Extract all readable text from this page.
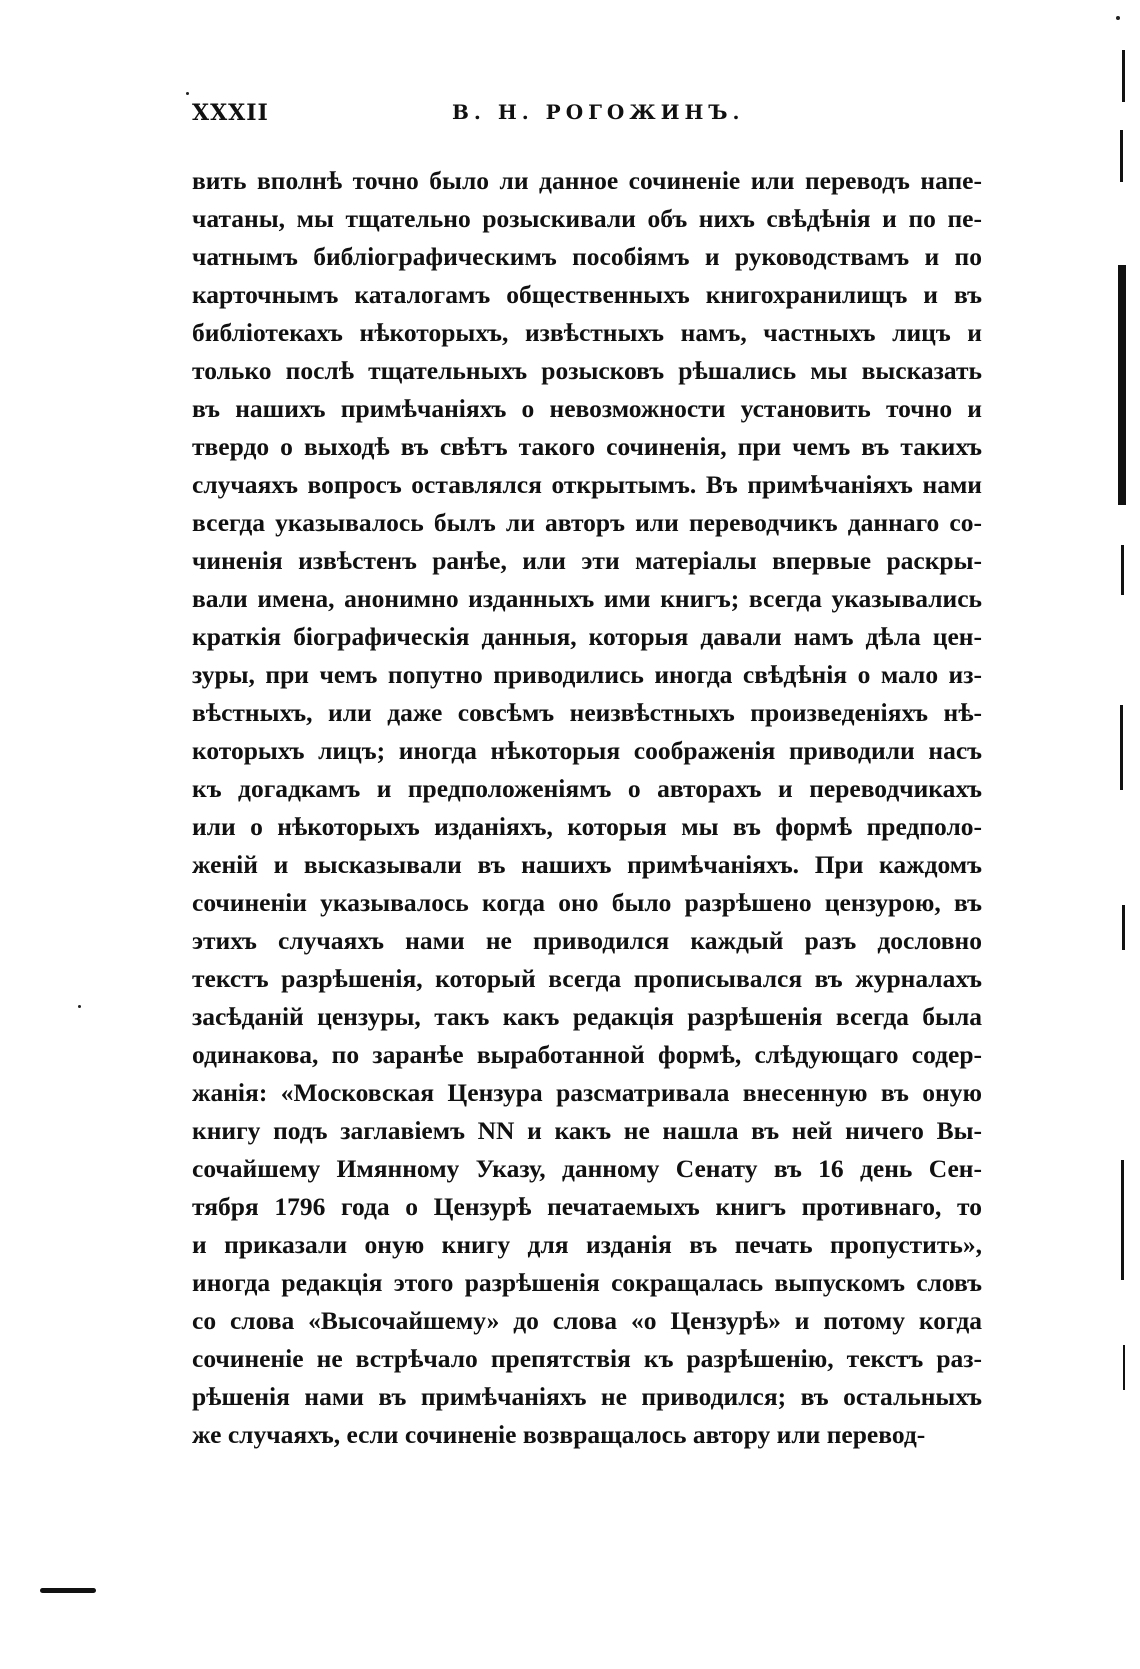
XXXII	В. Н. РОГОЖИНЪ.
вить вполнѣ точно было ли данное сочиненіе или переводъ напе-
чатаны, мы тщательно розыскивали объ нихъ свѣдѣнія и по пе-
чатнымъ библіографическимъ пособіямъ и руководствамъ и по
карточнымъ каталогамъ общественныхъ книгохранилищъ и въ
библіотекахъ нѣкоторыхъ, извѣстныхъ намъ, частныхъ лицъ и
только послѣ тщательныхъ розысковъ рѣшались мы высказать
въ нашихъ примѣчаніяхъ о невозможности установить точно и
твердо о выходѣ въ свѣтъ такого сочиненія, при чемъ въ такихъ
случаяхъ вопросъ оставлялся открытымъ. Въ примѣчаніяхъ нами
всегда указывалось былъ ли авторъ или переводчикъ даннаго со-
чиненія извѣстенъ ранѣе, или эти матеріалы впервые раскры-
вали имена, анонимно изданныхъ ими книгъ; всегда указывались
краткія біографическія данныя, которыя давали намъ дѣла цен-
зуры, при чемъ попутно приводились иногда свѣдѣнія о мало из-
вѣстныхъ, или даже совсѣмъ неизвѣстныхъ произведеніяхъ нѣ-
которыхъ лицъ; иногда нѣкоторыя соображенія приводили насъ
къ догадкамъ и предположеніямъ о авторахъ и переводчикахъ
или о нѣкоторыхъ изданіяхъ, которыя мы въ формѣ предполо-
женій и высказывали въ нашихъ примѣчаніяхъ. При каждомъ
сочиненіи указывалось когда оно было разрѣшено цензурою, въ
этихъ случаяхъ нами не приводился каждый разъ дословно
текстъ разрѣшенія, который всегда прописывался въ журналахъ
засѣданій цензуры, такъ какъ редакція разрѣшенія всегда была
одинакова, по заранѣе выработанной формѣ, слѣдующаго содер-
жанія: «Московская Цензура разсматривала внесенную въ оную
книгу подъ заглавіемъ NN и какъ не нашла въ ней ничего Вы-
сочайшему Имянному Указу, данному Сенату въ 16 день Сен-
тября 1796 года о Цензурѣ печатаемыхъ книгъ противнаго, то
и приказали оную книгу для изданія въ печать пропустить»,
иногда редакція этого разрѣшенія сокращалась выпускомъ словъ
со слова «Высочайшему» до слова «о Цензурѣ» и потому когда
сочиненіе не встрѣчало препятствія къ разрѣшенію, текстъ раз-
рѣшенія нами въ примѣчаніяхъ не приводился; въ остальныхъ
же случаяхъ, если сочиненіе возвращалось автору или перевод-
